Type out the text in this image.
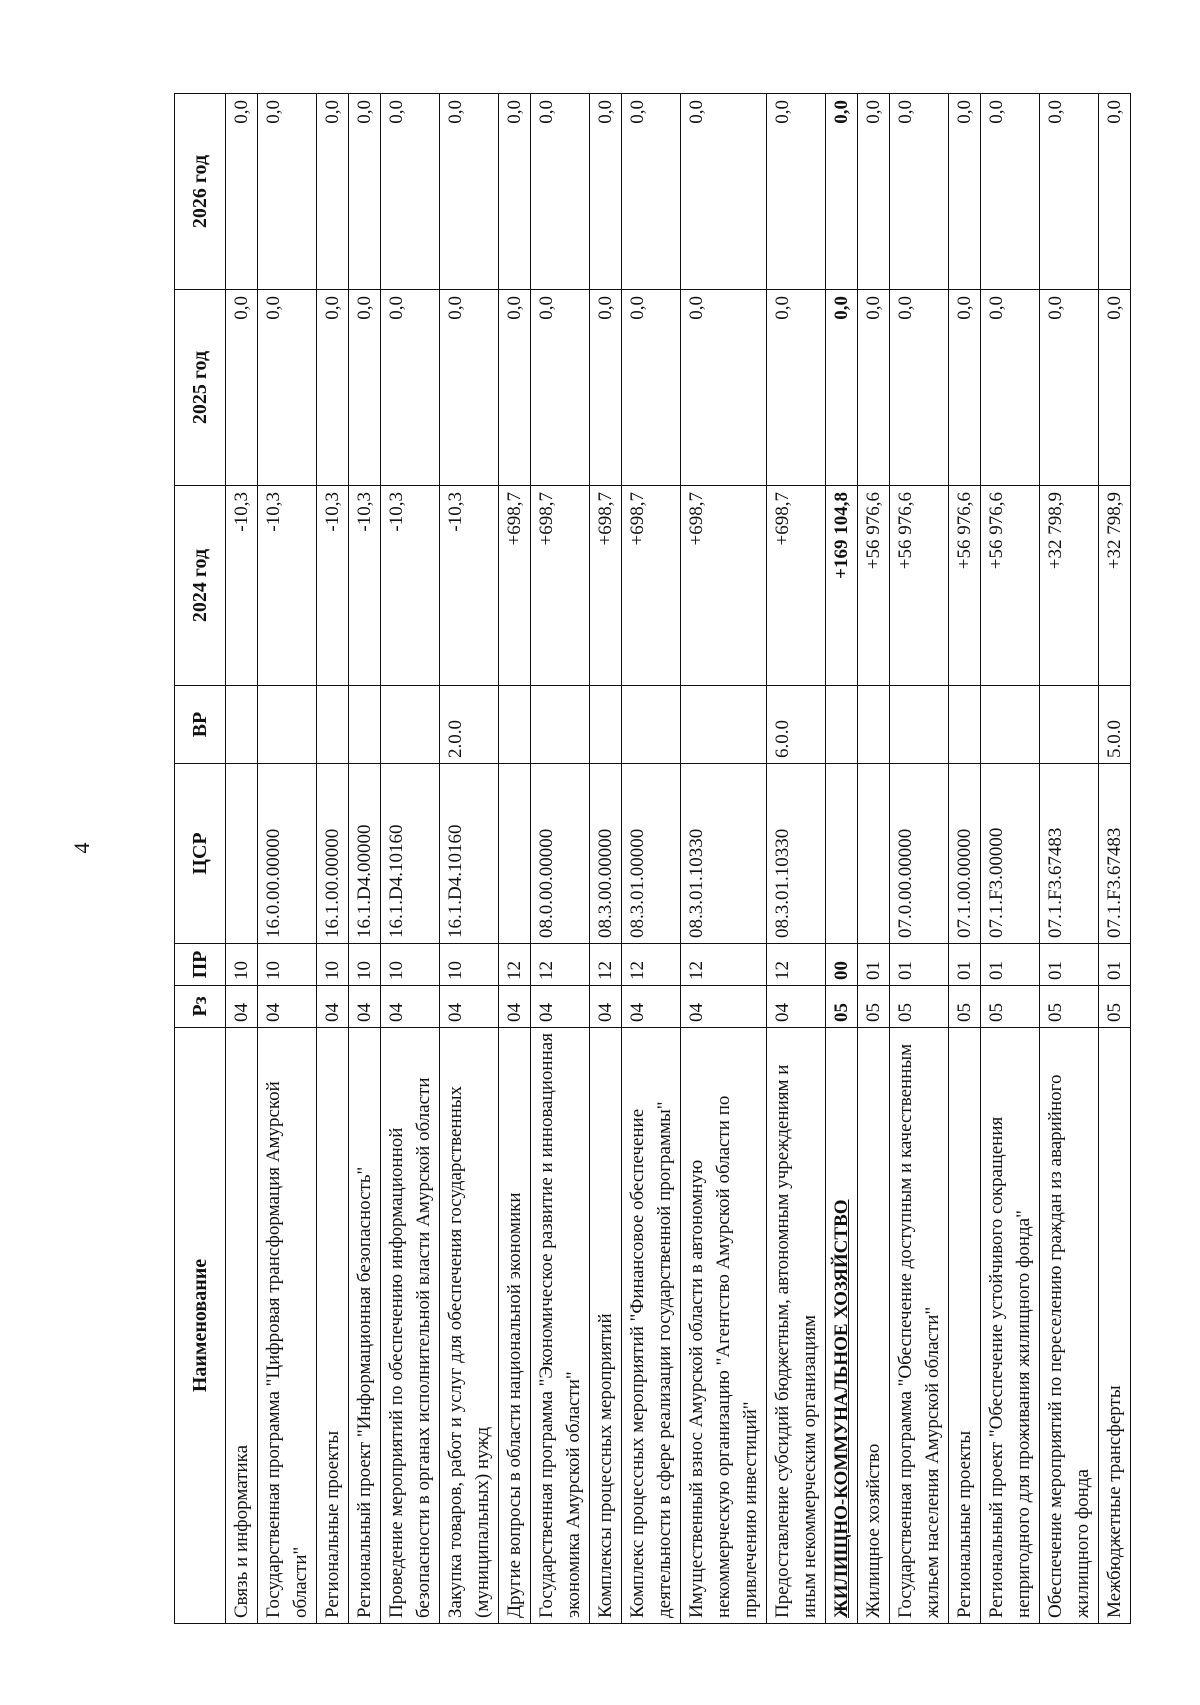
4
Наименование	Рз	ПР	ЦСР	ВР	2024 год	2025 год	2026 год
Связь и информатика	04	10			-10,3	0,0	0,0
Государственная программа "Цифровая трансформация Амурской области"	04	10	16.0.00.00000		-10,3	0,0	0,0
Региональные проекты	04	10	16.1.00.00000		-10,3	0,0	0,0
Региональный проект "Информационная безопасность"	04	10	16.1.D4.00000		-10,3	0,0	0,0
Проведение мероприятий по обеспечению информационной безопасности в органах исполнительной власти Амурской области	04	10	16.1.D4.10160		-10,3	0,0	0,0
Закупка товаров, работ и услуг для обеспечения государственных (муниципальных) нужд	04	10	16.1.D4.10160	2.0.0	-10,3	0,0	0,0
Другие вопросы в области национальной экономики	04	12			+698,7	0,0	0,0
Государственная программа "Экономическое развитие и инновационная экономика Амурской области"	04	12	08.0.00.00000		+698,7	0,0	0,0
Комплексы процессных мероприятий	04	12	08.3.00.00000		+698,7	0,0	0,0
Комплекс процессных мероприятий "Финансовое обеспечение деятельности в сфере реализации государственной программы"	04	12	08.3.01.00000		+698,7	0,0	0,0
Имущественный взнос Амурской области в автономную некоммерческую организацию "Агентство Амурской области по привлечению инвестиций"	04	12	08.3.01.10330		+698,7	0,0	0,0
Предоставление субсидий бюджетным, автономным учреждениям и иным некоммерческим организациям	04	12	08.3.01.10330	6.0.0	+698,7	0,0	0,0
ЖИЛИЩНО-КОММУНАЛЬНОЕ ХОЗЯЙСТВО	05	00			+169 104,8	0,0	0,0
Жилищное хозяйство	05	01			+56 976,6	0,0	0,0
Государственная программа "Обеспечение доступным и качественным жильем населения Амурской области"	05	01	07.0.00.00000		+56 976,6	0,0	0,0
Региональные проекты	05	01	07.1.00.00000		+56 976,6	0,0	0,0
Региональный проект "Обеспечение устойчивого сокращения непригодного для проживания жилищного фонда"	05	01	07.1.F3.00000		+56 976,6	0,0	0,0
Обеспечение мероприятий по переселению граждан из аварийного жилищного фонда	05	01	07.1.F3.67483		+32 798,9	0,0	0,0
Межбюджетные трансферты	05	01	07.1.F3.67483	5.0.0	+32 798,9	0,0	0,0
